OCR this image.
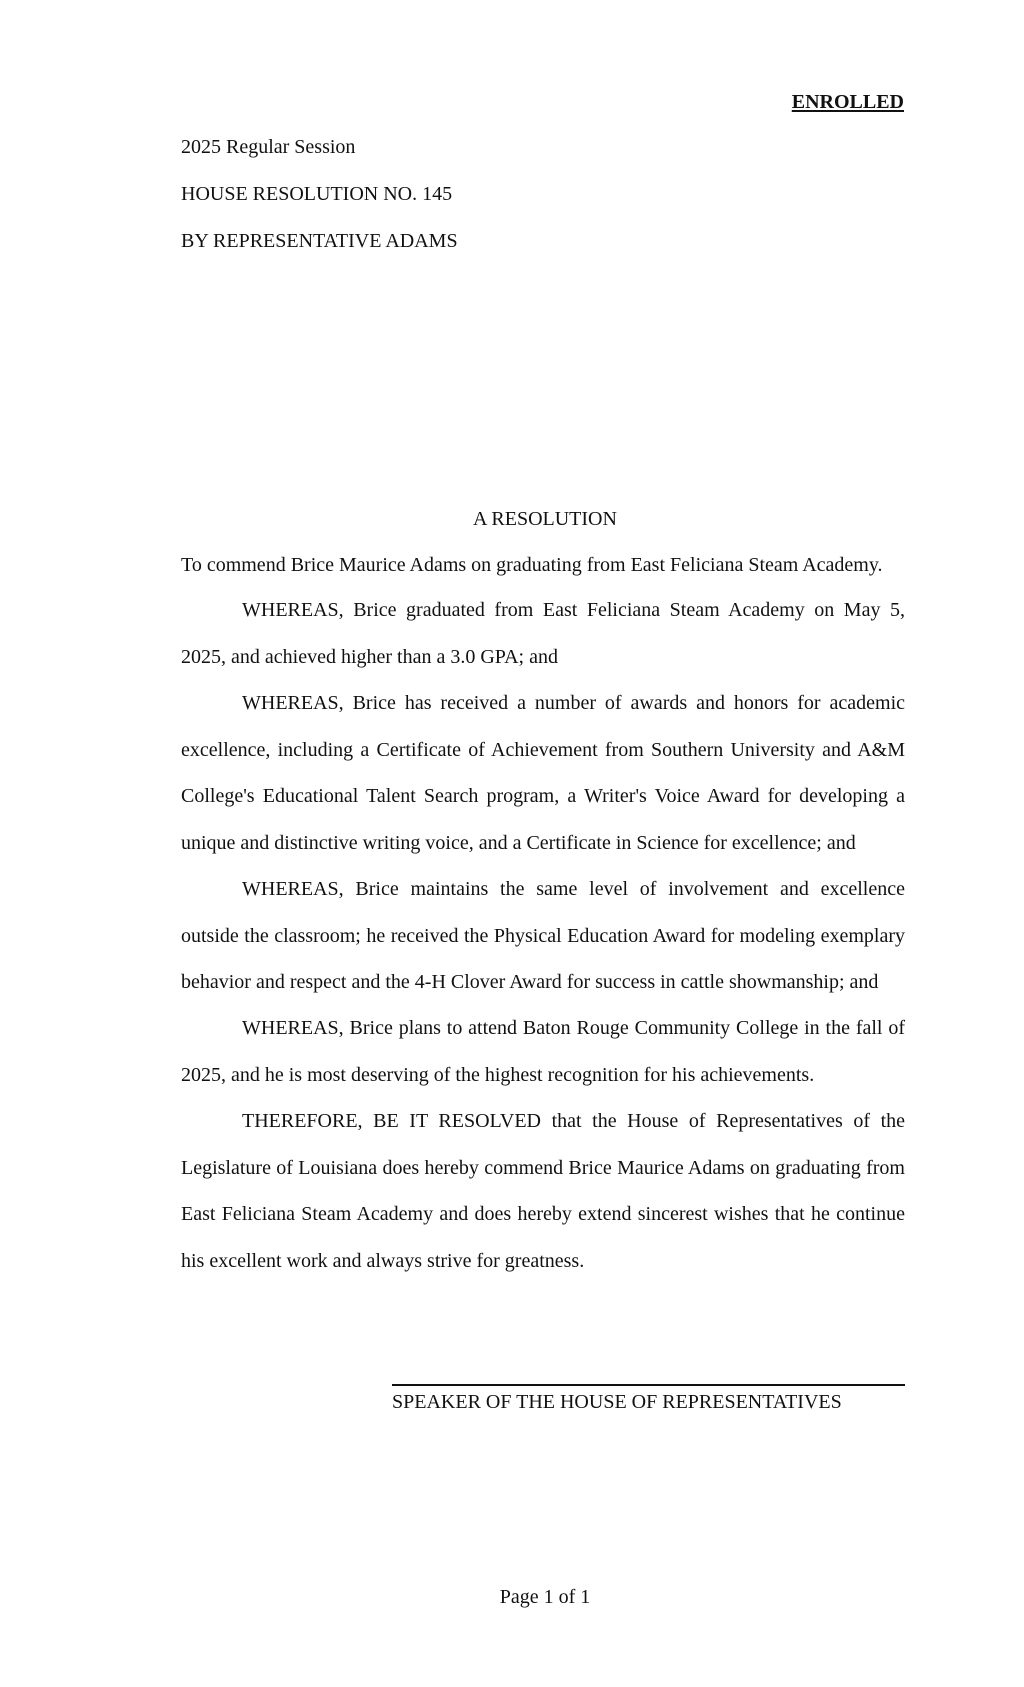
ENROLLED
2025 Regular Session
HOUSE RESOLUTION NO. 145
BY REPRESENTATIVE ADAMS
A RESOLUTION
To commend Brice Maurice Adams on graduating from East Feliciana Steam Academy.
WHEREAS, Brice graduated from East Feliciana Steam Academy on May 5, 2025, and achieved higher than a 3.0 GPA; and
WHEREAS, Brice has received a number of awards and honors for academic excellence, including a Certificate of Achievement from Southern University and A&M College's Educational Talent Search program, a Writer's Voice Award for developing a unique and distinctive writing voice, and a Certificate in Science for excellence; and
WHEREAS, Brice maintains the same level of involvement and excellence outside the classroom; he received the Physical Education Award for modeling exemplary behavior and respect and the 4-H Clover Award for success in cattle showmanship; and
WHEREAS, Brice plans to attend Baton Rouge Community College in the fall of 2025, and he is most deserving of the highest recognition for his achievements.
THEREFORE, BE IT RESOLVED that the House of Representatives of the Legislature of Louisiana does hereby commend Brice Maurice Adams on graduating from East Feliciana Steam Academy and does hereby extend sincerest wishes that he continue his excellent work and always strive for greatness.
SPEAKER OF THE HOUSE OF REPRESENTATIVES
Page 1 of 1
